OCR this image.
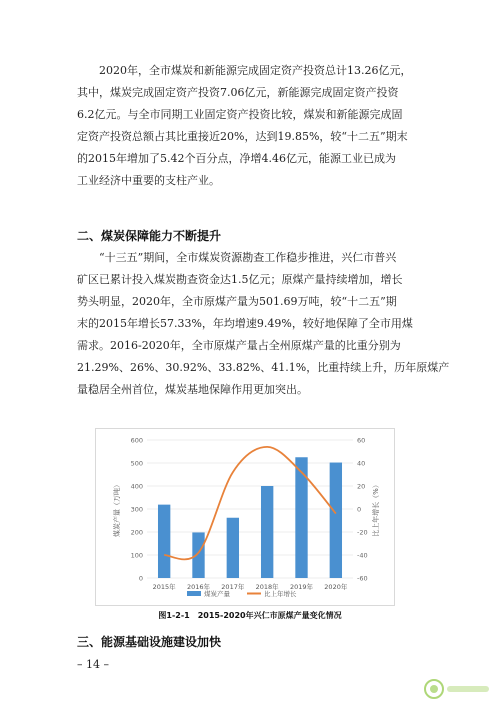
　　2020年，全市煤炭和新能源完成固定资产投资总计13.26亿元，
其中，煤炭完成固定资产投资7.06亿元，新能源完成固定资产投资
6.2亿元。与全市同期工业固定资产投资比较，煤炭和新能源完成固
定资产投资总额占其比重接近20%，达到19.85%，较“十二五”期末
的2015年增加了5.42个百分点，净增4.46亿元，能源工业已成为
工业经济中重要的支柱产业。
二、煤炭保障能力不断提升
　　“十三五”期间，全市煤炭资源勘查工作稳步推进，兴仁市普兴
矿区已累计投入煤炭勘查资金达1.5亿元；原煤产量持续增加，增长
势头明显，2020年，全市原煤产量为501.69万吨，较“十二五”期
末的2015年增长57.33%，年均增速9.49%，较好地保障了全市用煤
需求。2016-2020年，全市原煤产量占全州原煤产量的比重分别为
21.29%、26%、30.92%、33.82%、41.1%，比重持续上升，历年原煤产
量稳居全州首位，煤炭基地保障作用更加突出。
0
100
200
300
400
500
600
-60
-40
-20
0
20
40
60
2015年 2016年 2017年 2018年 2019年 2020年
煤炭产量（万吨）	比上年增长（%）
煤炭产量	比上年增长
图1-2-1　2015-2020年兴仁市原煤产量变化情况
三、能源基础设施建设加快
– 14 –
